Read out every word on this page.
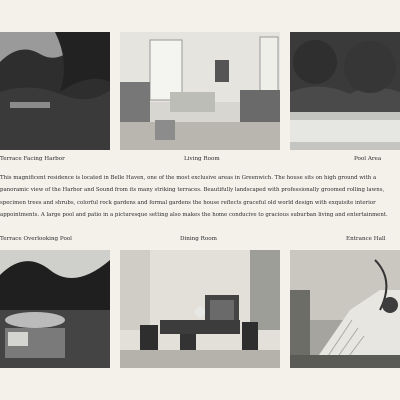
Terrace Facing Harbor	Living Room	Pool Area
This magnificent residence is located in Belle Haven, one of the most exclusive areas in Greenwich. The house sits on high ground with a
panoramic view of the Harbor and Sound from its many striking terraces. Beautifully landscaped with professionally groomed rolling lawns,
specimen trees and shrubs, colorful rock gardens and formal gardens the house reflects graceful old world design with exquisite interior
appointments. A large pool and patio in a picturesque setting also makes the home conducive to gracious suburban living and entertainment.
Terrace Overlooking Pool	Dining Room	Entrance Hall
